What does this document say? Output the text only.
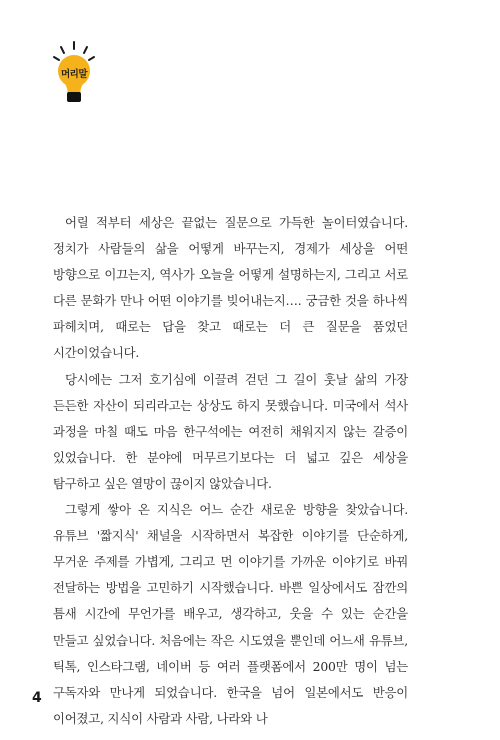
머리말

어릴 적부터 세상은 끝없는 질문으로 가득한 놀이터였습니다. 정치가 사람들의 삶을 어떻게 바꾸는지, 경제가 세상을 어떤 방향으로 이끄는지, 역사가 오늘을 어떻게 설명하는지, 그리고 서로 다른 문화가 만나 어떤 이야기를 빚어내는지…. 궁금한 것을 하나씩 파헤치며, 때로는 답을 찾고 때로는 더 큰 질문을 품었던 시간이었습니다.

당시에는 그저 호기심에 이끌려 걷던 그 길이 훗날 삶의 가장 든든한 자산이 되리라고는 상상도 하지 못했습니다. 미국에서 석사 과정을 마칠 때도 마음 한구석에는 여전히 채워지지 않는 갈증이 있었습니다. 한 분야에 머무르기보다는 더 넓고 깊은 세상을 탐구하고 싶은 열망이 끊이지 않았습니다.

그렇게 쌓아 온 지식은 어느 순간 새로운 방향을 찾았습니다. 유튜브 '짧지식' 채널을 시작하면서 복잡한 이야기를 단순하게, 무거운 주제를 가볍게, 그리고 먼 이야기를 가까운 이야기로 바꿔 전달하는 방법을 고민하기 시작했습니다. 바쁜 일상에서도 잠깐의 틈새 시간에 무언가를 배우고, 생각하고, 웃을 수 있는 순간을 만들고 싶었습니다. 처음에는 작은 시도였을 뿐인데 어느새 유튜브, 틱톡, 인스타그램, 네이버 등 여러 플랫폼에서 200만 명이 넘는 구독자와 만나게 되었습니다. 한국을 넘어 일본에서도 반응이 이어졌고, 지식이 사람과 사람, 나라와 나

4
